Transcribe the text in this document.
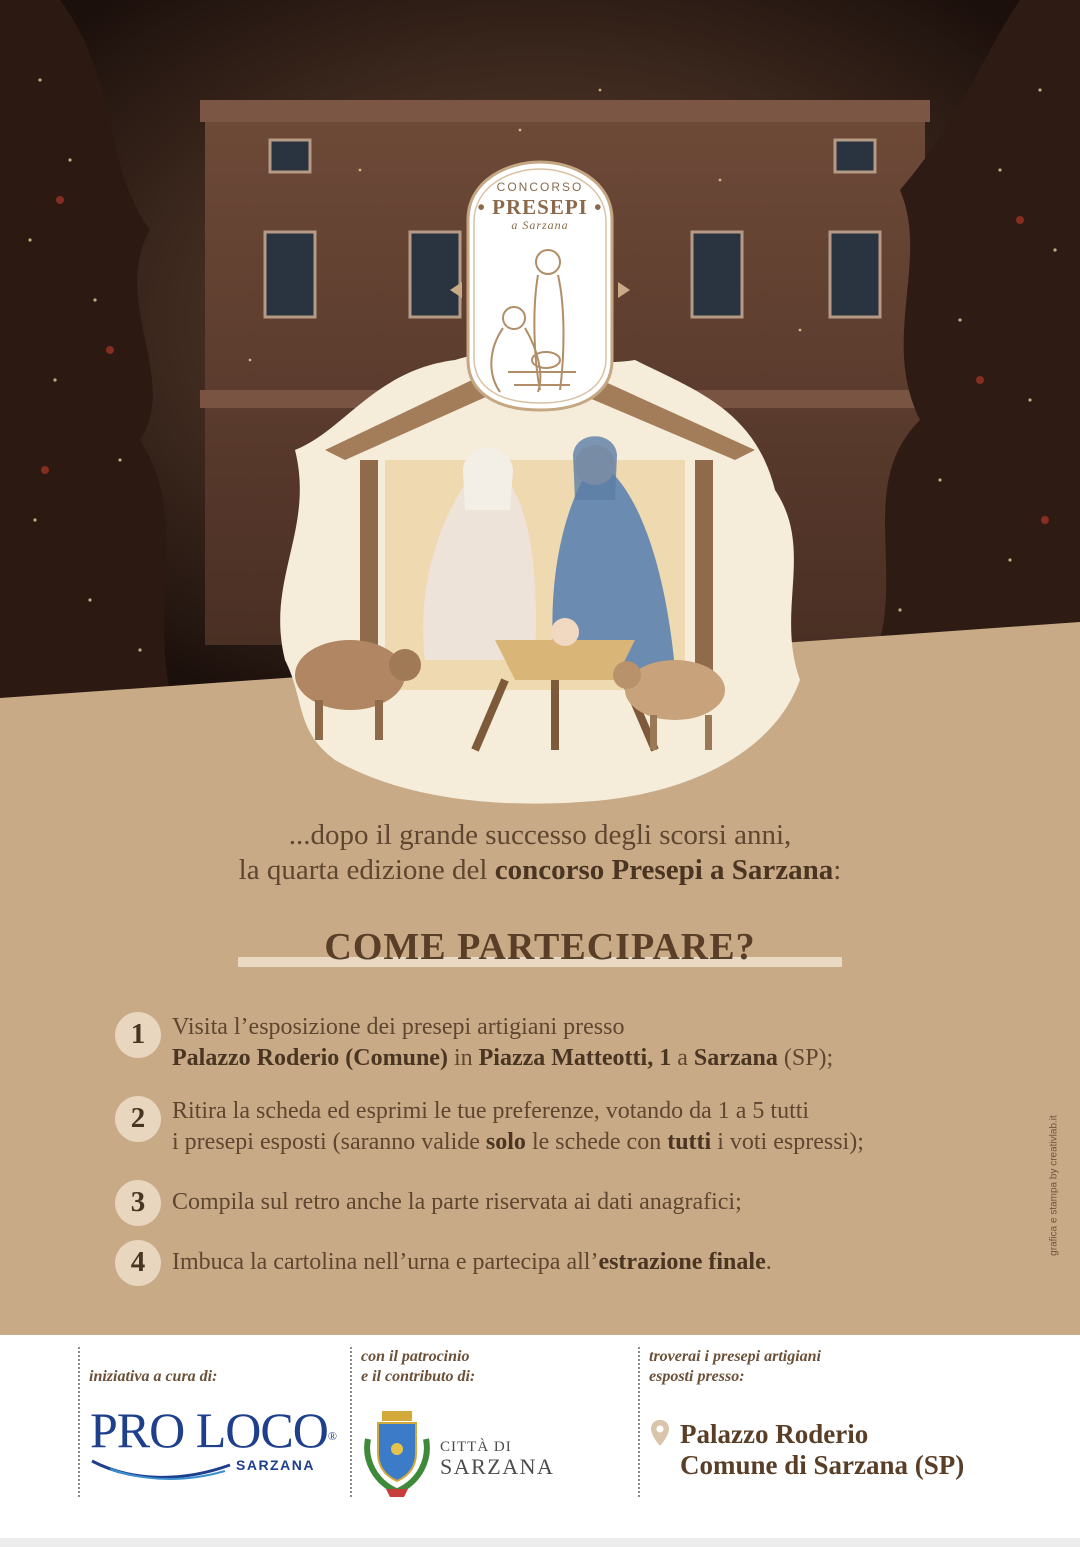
CONCORSO
• PRESEPI •
a Sarzana
...dopo il grande successo degli scorsi anni,
la quarta edizione del concorso Presepi a Sarzana:
COME PARTECIPARE?
1	Visita l’esposizione dei presepi artigiani presso
Palazzo Roderio (Comune) in Piazza Matteotti, 1 a Sarzana (SP);
2	Ritira la scheda ed esprimi le tue preferenze, votando da 1 a 5 tutti
i presepi esposti (saranno valide solo le schede con tutti i voti espressi);
3	Compila sul retro anche la parte riservata ai dati anagrafici;
4	Imbuca la cartolina nell’urna e partecipa all’estrazione finale.
grafica e stampa by creativlab.it
iniziativa a cura di:
PRO LOCO®
SARZANA
con il patrocinio
e il contributo di:
CITTÀ DI
SARZANA
troverai i presepi artigiani
esposti presso:
Palazzo Roderio
Comune di Sarzana (SP)
